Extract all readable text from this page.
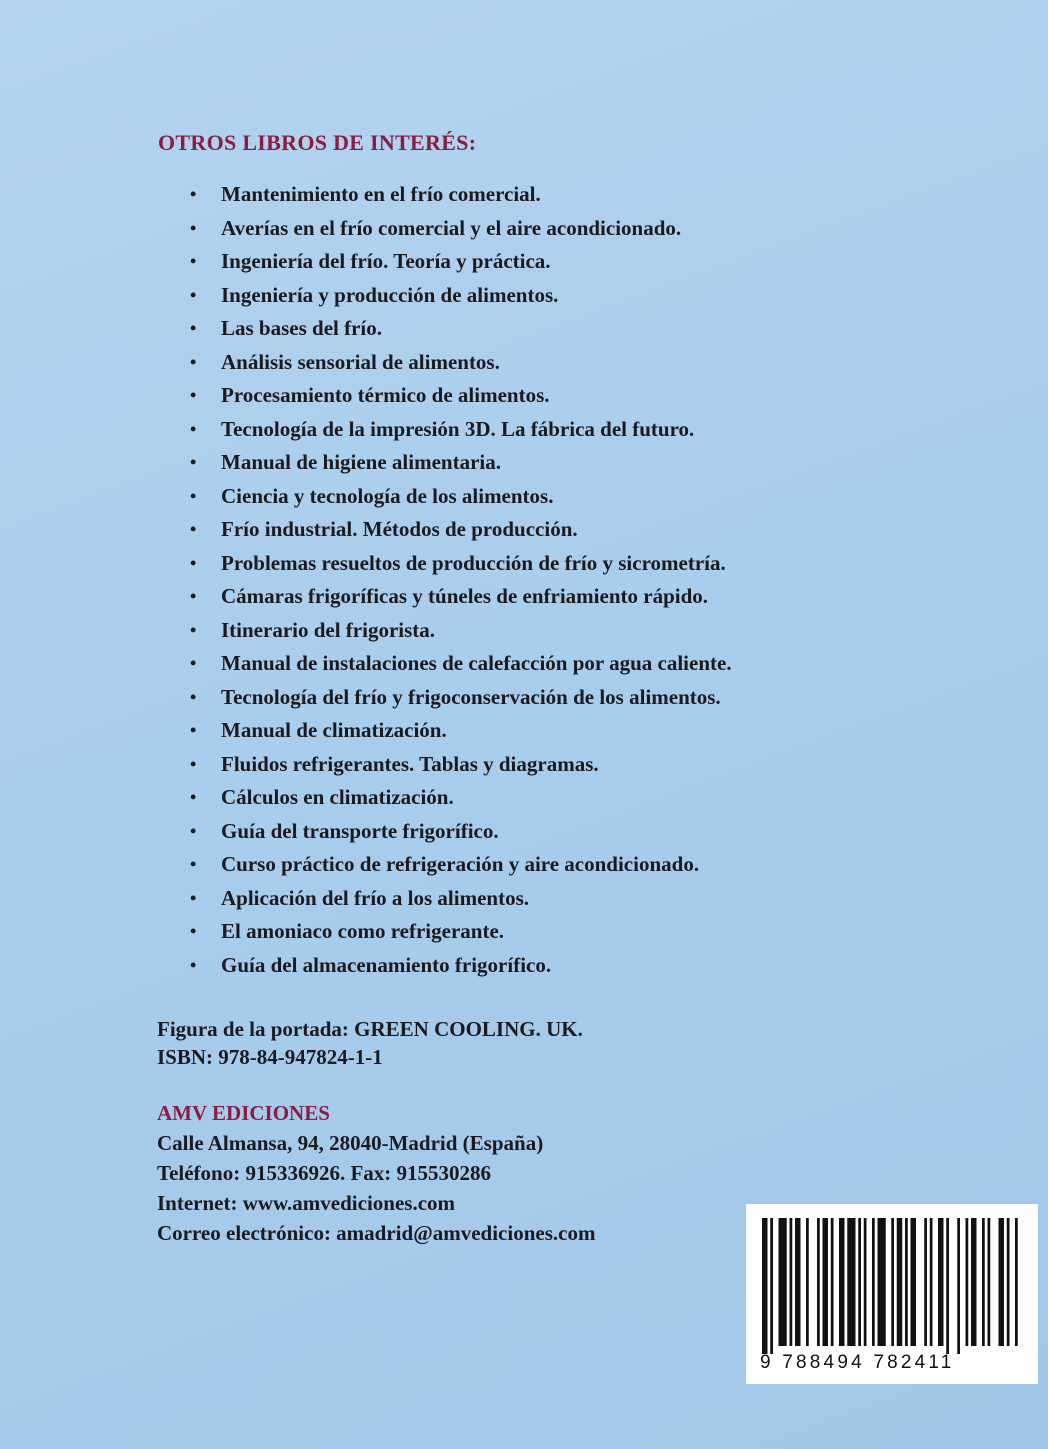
OTROS LIBROS DE INTERÉS:
• Mantenimiento en el frío comercial.
• Averías en el frío comercial y el aire acondicionado.
• Ingeniería del frío. Teoría y práctica.
• Ingeniería y producción de alimentos.
• Las bases del frío.
• Análisis sensorial de alimentos.
• Procesamiento térmico de alimentos.
• Tecnología de la impresión 3D. La fábrica del futuro.
• Manual de higiene alimentaria.
• Ciencia y tecnología de los alimentos.
• Frío industrial. Métodos de producción.
• Problemas resueltos de producción de frío y sicrometría.
• Cámaras frigoríficas y túneles de enfriamiento rápido.
• Itinerario del frigorista.
• Manual de instalaciones de calefacción por agua caliente.
• Tecnología del frío y frigoconservación de los alimentos.
• Manual de climatización.
• Fluidos refrigerantes. Tablas y diagramas.
• Cálculos en climatización.
• Guía del transporte frigorífico.
• Curso práctico de refrigeración y aire acondicionado.
• Aplicación del frío a los alimentos.
• El amoniaco como refrigerante.
• Guía del almacenamiento frigorífico.
Figura de la portada: GREEN COOLING. UK.
ISBN: 978-84-947824-1-1
AMV EDICIONES
Calle Almansa, 94, 28040-Madrid (España)
Teléfono: 915336926. Fax: 915530286
Internet: www.amvediciones.com
Correo electrónico: amadrid@amvediciones.com
9 788494 782411
